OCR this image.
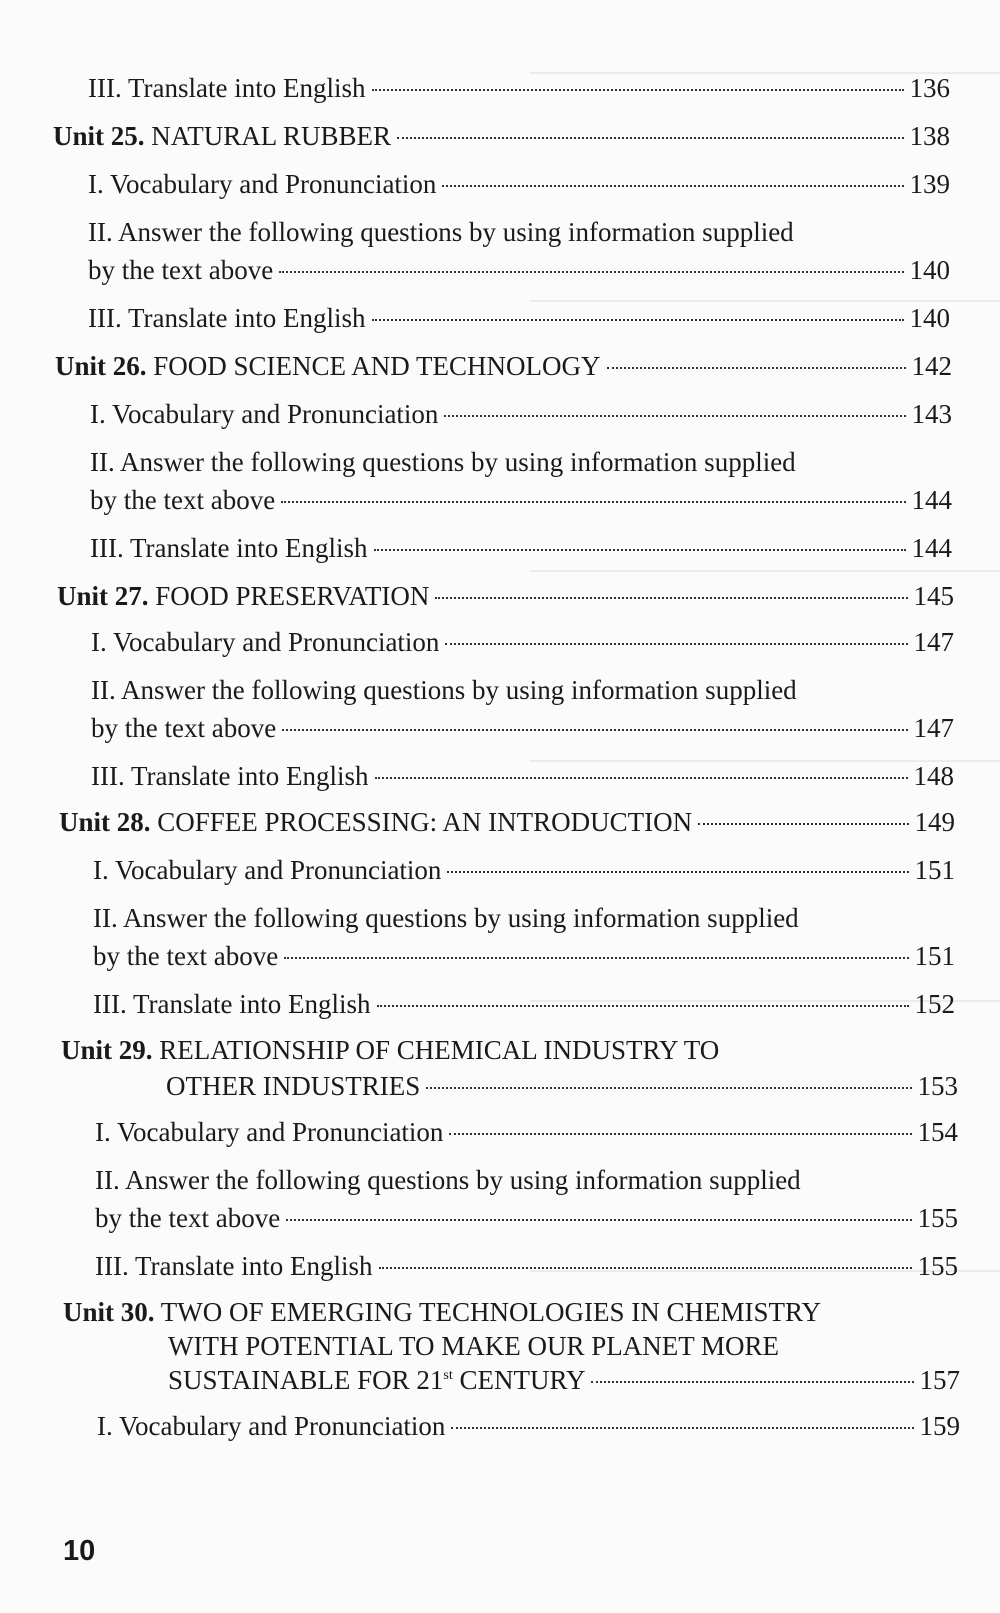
III. Translate into English	136
Unit 25. NATURAL RUBBER	138
I. Vocabulary and Pronunciation	139
II. Answer the following questions by using information supplied
by the text above	140
III. Translate into English	140
Unit 26. FOOD SCIENCE AND TECHNOLOGY	142
I. Vocabulary and Pronunciation	143
II. Answer the following questions by using information supplied
by the text above	144
III. Translate into English	144
Unit 27. FOOD PRESERVATION	145
I. Vocabulary and Pronunciation	147
II. Answer the following questions by using information supplied
by the text above	147
III. Translate into English	148
Unit 28. COFFEE PROCESSING: AN INTRODUCTION	149
I. Vocabulary and Pronunciation	151
II. Answer the following questions by using information supplied
by the text above	151
III. Translate into English	152
Unit 29. RELATIONSHIP OF CHEMICAL INDUSTRY TO
OTHER INDUSTRIES	153
I. Vocabulary and Pronunciation	154
II. Answer the following questions by using information supplied
by the text above	155
III. Translate into English	155
Unit 30. TWO OF EMERGING TECHNOLOGIES IN CHEMISTRY
WITH POTENTIAL TO MAKE OUR PLANET MORE
SUSTAINABLE FOR 21st CENTURY	157
I. Vocabulary and Pronunciation	159
10
